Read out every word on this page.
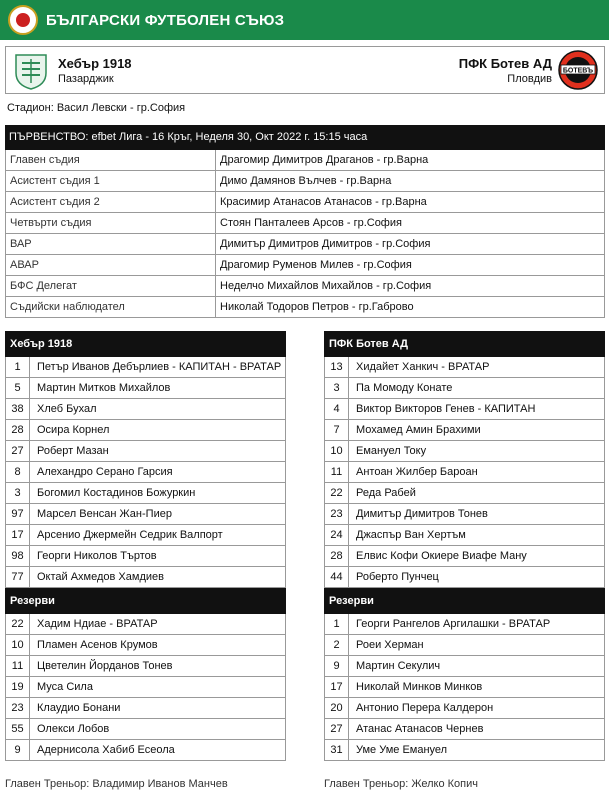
БЪЛГАРСКИ ФУТБОЛЕН СЪЮЗ
Хебър 1918
Пазарджик
ПФК Ботев АД
Пловдив
БОТЕВЪ
Стадион: Васил Левски - гр.София
ПЪРВЕНСТВО: efbet Лига - 16 Кръг, Неделя 30, Окт 2022 г. 15:15 часа
Главен съдия	Драгомир Димитров Драганов - гр.Варна
Асистент съдия 1	Димо Дамянов Вълчев - гр.Варна
Асистент съдия 2	Красимир Атанасов Атанасов - гр.Варна
Четвърти съдия	Стоян Панталеев Арсов - гр.София
ВАР	Димитър Димитров Димитров - гр.София
АВАР	Драгомир Руменов Милев - гр.София
БФС Делегат	Неделчо Михайлов Михайлов - гр.София
Съдийски наблюдател	Николай Тодоров Петров - гр.Габрово
Хебър 1918
1	Петър Иванов Дебърлиев - КАПИТАН - ВРАТАР
5	Мартин Митков Михайлов
38	Хлеб Бухал
28	Осира Корнел
27	Роберт Мазан
8	Алехандро Серано Гарсия
3	Богомил Костадинов Божуркин
97	Марсел Венсан Жан-Пиер
17	Арсенио Джермейн Седрик Валпорт
98	Георги Николов Търтов
77	Октай Ахмедов Хамдиев
Резерви
22	Хадим Ндиае - ВРАТАР
10	Пламен Асенов Крумов
11	Цветелин Йорданов Тонев
19	Муса Сила
23	Клаудио Бонани
55	Олекси Лобов
9	Адернисола Хабиб Есеола
ПФК Ботев АД
13	Хидайет Ханкич - ВРАТАР
3	Па Момоду Конате
4	Виктор Викторов Генев - КАПИТАН
7	Мохамед Амин Брахими
10	Емануел Току
11	Антоан Жилбер Бароан
22	Реда Рабей
23	Димитър Димитров Тонев
24	Джаспър Ван Хертъм
28	Елвис Кофи Окиере Виафе Ману
44	Роберто Пунчец
Резерви
1	Георги Рангелов Аргилашки - ВРАТАР
2	Роеи Херман
9	Мартин Секулич
17	Николай Минков Минков
20	Антонио Перера Калдерон
27	Атанас Атанасов Чернев
31	Уме Уме Емануел
Главен Треньор: Владимир Иванов Манчев	Главен Треньор: Желко Копич
